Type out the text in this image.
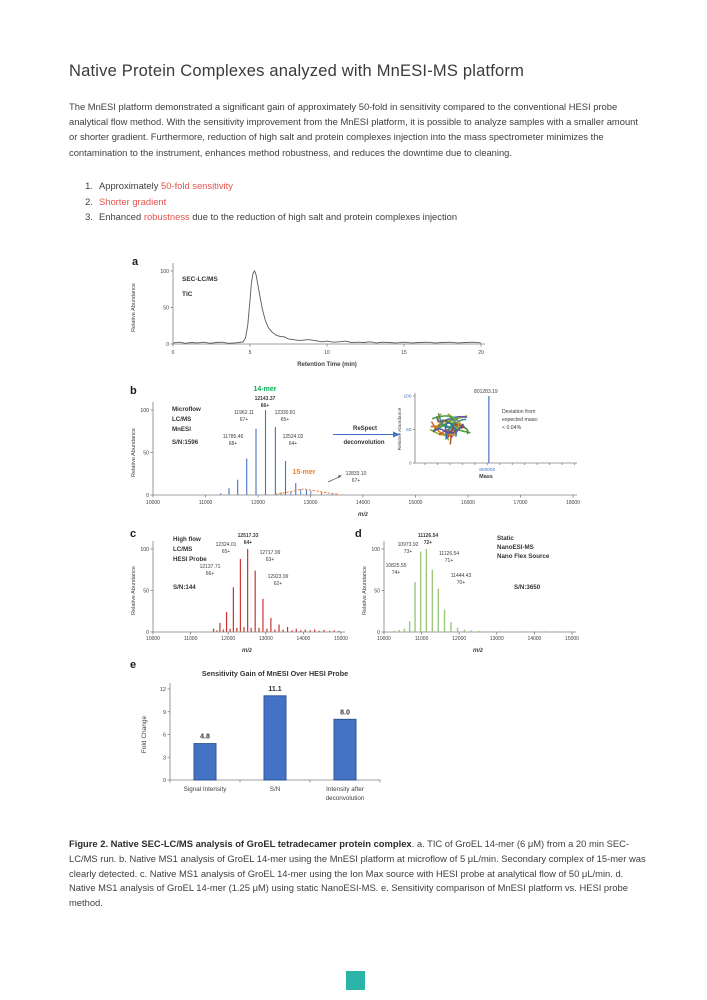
Native Protein Complexes analyzed with MnESI-MS platform

The MnESI platform demonstrated a significant gain of approximately 50-fold in sensitivity compared to the conventional HESI probe analytical flow method. With the sensitivity improvement from the MnESI platform, it is possible to analyze samples with a smaller amount or shorter gradient. Furthermore, reduction of high salt and protein complexes injection into the mass spectrometer minimizes the contamination to the instrument, enhances method robustness, and reduces the downtime due to cleaning.

1. Approximately 50-fold sensitivity
2. Shorter gradient
3. Enhanced robustness due to the reduction of high salt and protein complexes injection
a
b
c	d
e
0
50
100
0	5	10	15	20
Retention Time (min)
Relative Abundance
SEC-LC/MS
TIC
0
50
100
10000	11000	12000	13000	14000	15000	16000	17000	18000
m/z
Relative Abundance
Microflow
LC/MS
MnESI
S/N:1596
12143.37
66+
11962.11
67+
12330.81
65+
11785.46
68+
12524.02
64+
12833.10
67+
14-mer
15-mer
ReSpect
deconvolution
0
50
100
800000
Mass
Relative Abundance
801283.19
Deviation from
expected mass:
< 0.04%
0
50
100
10000	11000	12000	13000	14000	15000
m/z
Relative Abundance
High flow
LC/MS
HESI Probe
S/N:144
12517.33
64+
12324.01
65+	12717.99
63+
12137.71
66+	12923.99
62+
0
50
100
10000	11000	12000	13000	14000	15000
m/z
Relative Abundance
Static
NanoESI-MS
Nano Flex Source
S/N:3650
11126.54
72+
10973.92
73+	11126.54
71+
10825.55
74+	11444.43
70+
0
3
6
9
12
4.8
Signal Intensity
11.1
S/N
8.0
Intensity after
deconvolution
Sensitivity Gain of MnESI Over HESI Probe
Fold Change

Figure 2. Native SEC-LC/MS analysis of GroEL tetradecamer protein complex. a. TIC of GroEL 14-mer (6 μM) from a 20 min SEC-LC/MS run. b. Native MS1 analysis of GroEL 14-mer using the MnESI platform at microflow of 5 μL/min. Secondary complex of 15-mer was clearly detected. c. Native MS1 analysis of GroEL 14-mer using the Ion Max source with HESI probe at analytical flow of 50 μL/min. d. Native MS1 analysis of GroEL 14-mer (1.25 μM) using static NanoESI-MS. e. Sensitivity comparison of MnESI platform vs. HESI probe method.
